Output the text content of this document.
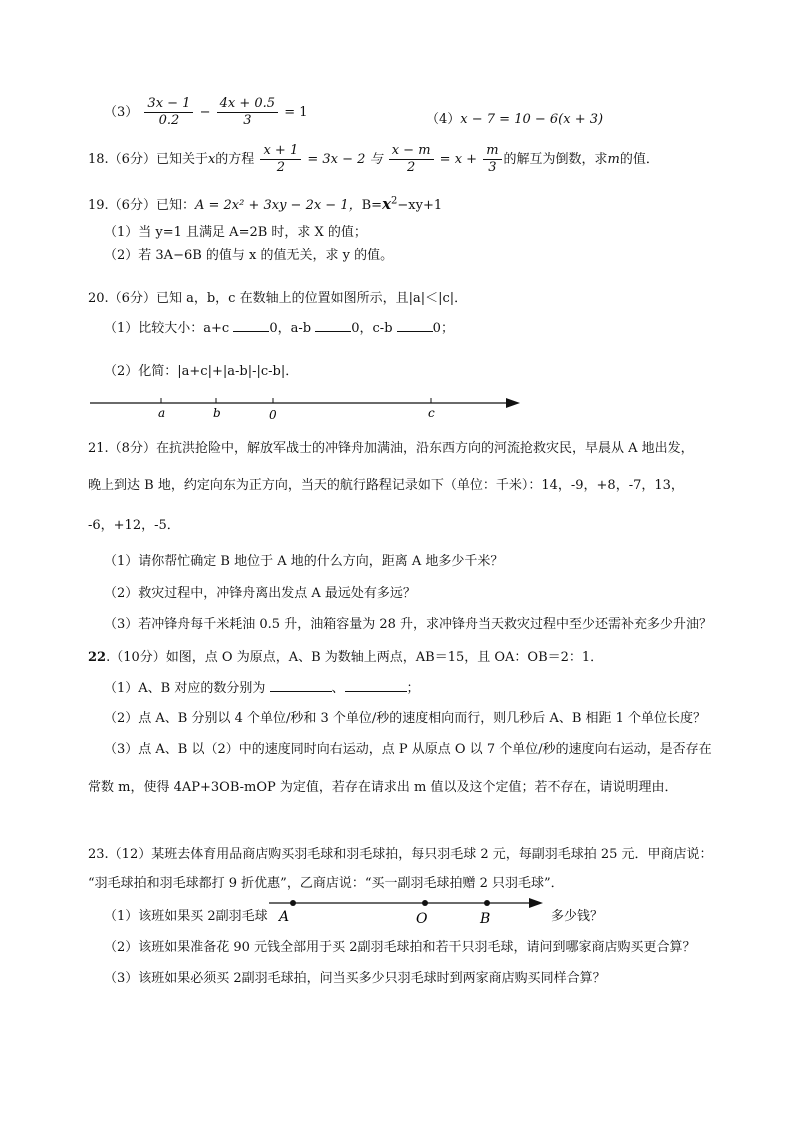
$(3) \frac{3x - 1}{0.2} - \frac{4x + 0.5}{3} = 1$	（4）x − 7 = 10 − 6(x + 3)
18.（6分）已知关于x的方程 $\frac{x + 1}{2} = 3x - 2$ 与 $\frac{x - m}{2} = x + \frac{m}{3}$ 的解互为倒数，求m的值．
19.（6分）已知：A = 2x² + 3xy − 2x − 1，$B=x^2-xy+1$
（1）当 y=1 且满足 A=2B 时，求 X 的值；
（2）若 3A−6B 的值与 x 的值无关，求 y 的值。
20.（6分）已知 a，b，c 在数轴上的位置如图所示，且|a|＜|c|．
（1）比较大小：a+c	0，a-b	0，c-b	0；
（2）化简：|a+c|+|a-b|-|c-b|．
a	b	0	c
21.（8分）在抗洪抢险中，解放军战士的冲锋舟加满油，沿东西方向的河流抢救灾民，早晨从 A 地出发，
晚上到达 B 地，约定向东为正方向，当天的航行路程记录如下（单位：千米）：14，-9，+8，-7，13，
-6，+12，-5．
（1）请你帮忙确定 B 地位于 A 地的什么方向，距离 A 地多少千米？
（2）救灾过程中，冲锋舟离出发点 A 最远处有多远？
（3）若冲锋舟每千米耗油 0.5 升，油箱容量为 28 升，求冲锋舟当天救灾过程中至少还需补充多少升油？
22.（10分）如图，点 O 为原点，A、B 为数轴上两点，AB＝15，且 OA：OB＝2：1．
（1）A、B 对应的数分别为	、	；
（2）点 A、B 分别以 4 个单位/秒和 3 个单位/秒的速度相向而行，则几秒后 A、B 相距 1 个单位长度？
（3）点 A、B 以（2）中的速度同时向右运动，点 P 从原点 O 以 7 个单位/秒的速度向右运动，是否存在
常数 m，使得 4AP+3OB-mOP 为定值，若存在请求出 m 值以及这个定值；若不存在，请说明理由．
23.（12）某班去体育用品商店购买羽毛球和羽毛球拍，每只羽毛球 2 元，每副羽毛球拍 25 元．甲商店说：
“羽毛球拍和羽毛球都打 9 折优惠”，乙商店说：“买一副羽毛球拍赠 2 只羽毛球”．
（1）该班如果买 2副羽毛球 A	O	B	多少钱？
（2）该班如果准备花 90 元钱全部用于买 2副羽毛球拍和若干只羽毛球，请问到哪家商店购买更合算？
（3）该班如果必须买 2副羽毛球拍，问当买多少只羽毛球时到两家商店购买同样合算？
